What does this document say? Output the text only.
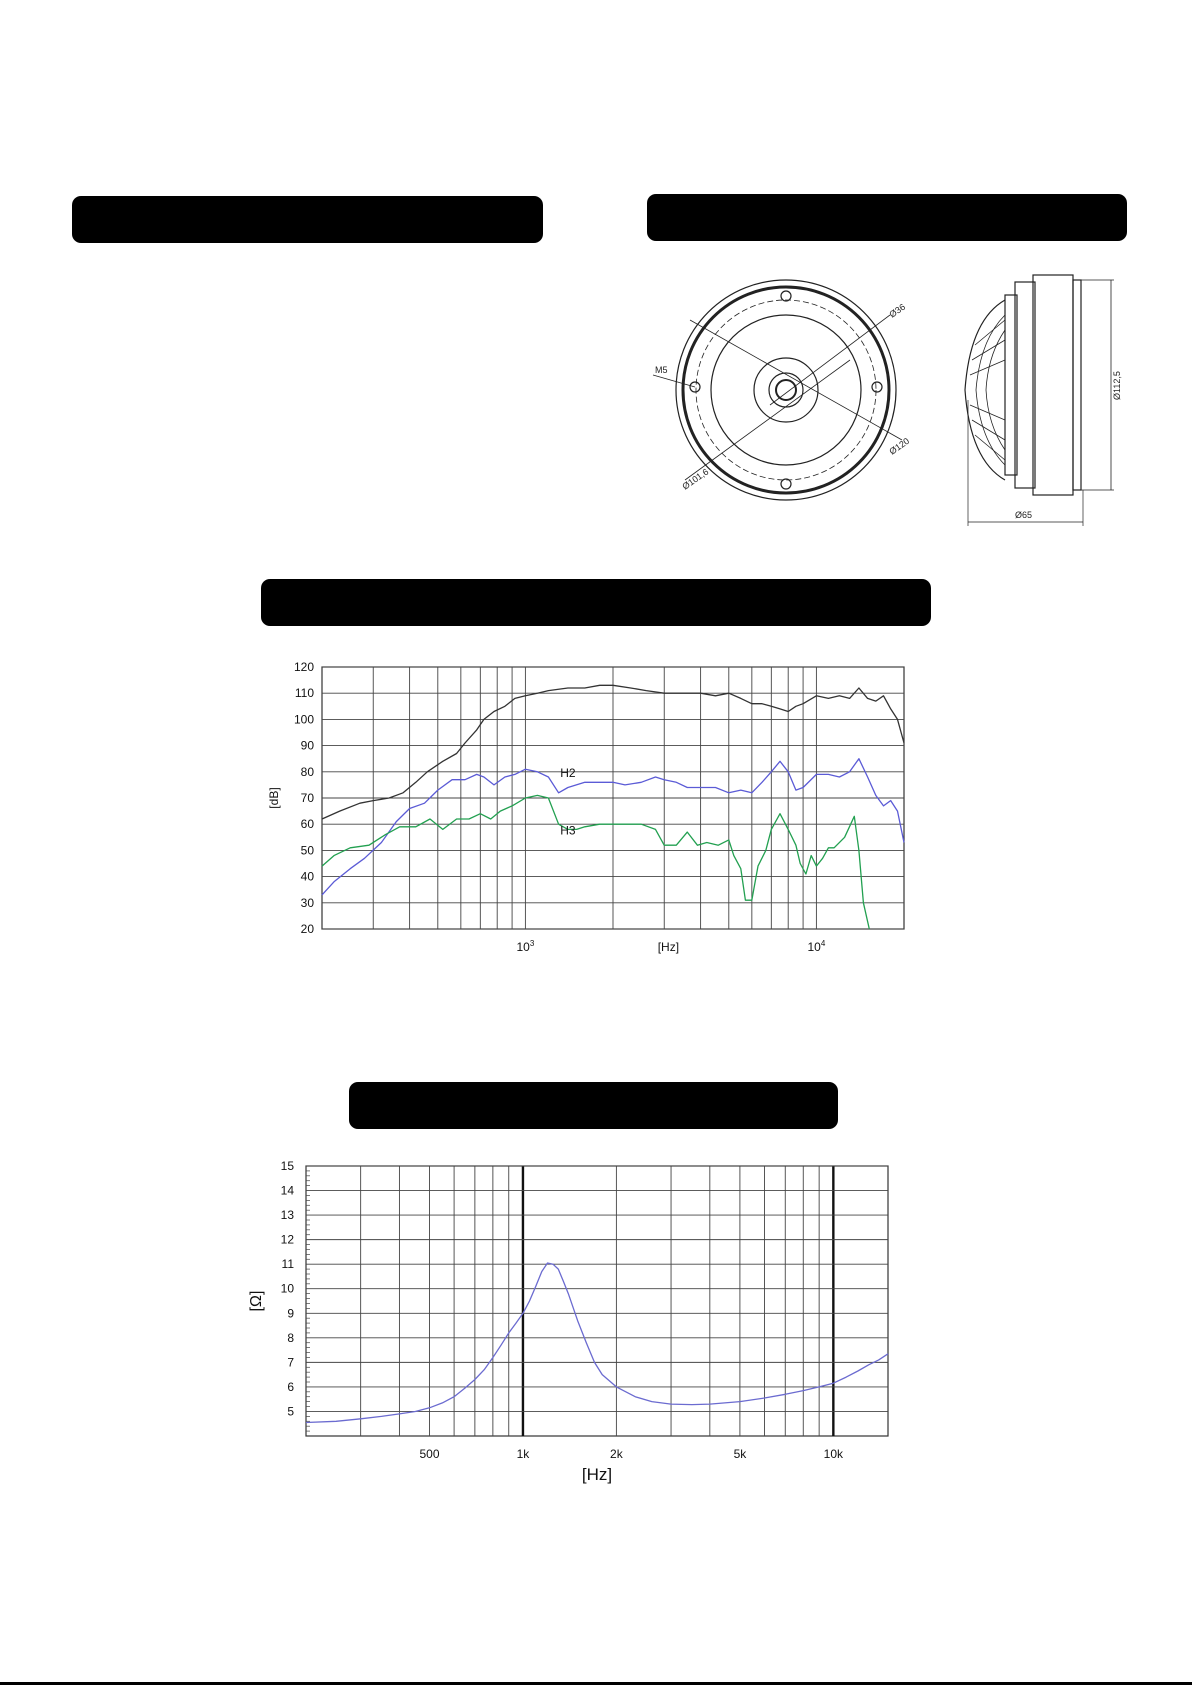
M5
Ø36
Ø120
Ø101,6
Ø112,5
Ø65
20
30
40
50
60
70
80
90
100
110
120
$10^3$	$10^4$
[dB]
[Hz]
H2
H3
5
6
7
8
9
10
11
12
13
14
15
500	1k	2k	5k	10k
[Ω]
[Hz]
